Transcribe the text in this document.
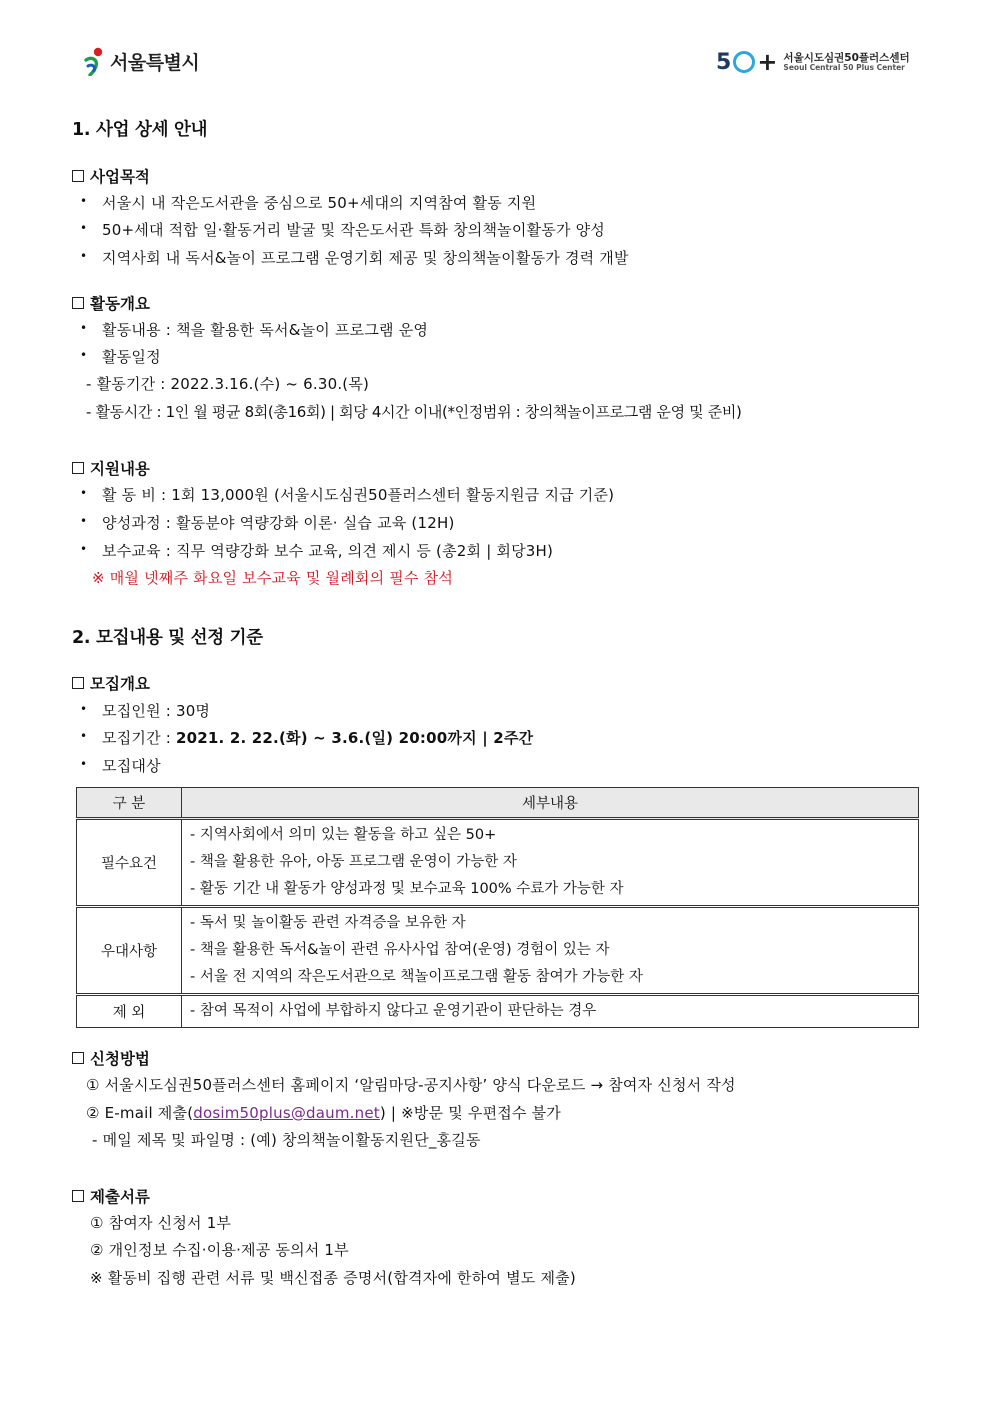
서울특별시	5 + 서울시도심권50플러스센터
Seoul Central 50 Plus Center
1. 사업 상세 안내
사업목적
• 서울시 내 작은도서관을 중심으로 50+세대의 지역참여 활동 지원
• 50+세대 적합 일·활동거리 발굴 및 작은도서관 특화 창의책놀이활동가 양성
• 지역사회 내 독서&놀이 프로그램 운영기회 제공 및 창의책놀이활동가 경력 개발
활동개요
• 활동내용 : 책을 활용한 독서&놀이 프로그램 운영
• 활동일정
- 활동기간 : 2022.3.16.(수) ~ 6.30.(목)
- 활동시간 : 1인 월 평균 8회(총16회) | 회당 4시간 이내(*인정범위 : 창의책놀이프로그램 운영 및 준비)
지원내용
• 활 동 비 : 1회 13,000원 (서울시도심권50플러스센터 활동지원금 지급 기준)
• 양성과정 : 활동분야 역량강화 이론· 실습 교육 (12H)
• 보수교육 : 직무 역량강화 보수 교육, 의견 제시 등 (총2회 | 회당3H)
※ 매월 넷째주 화요일 보수교육 및 월례회의 필수 참석
2. 모집내용 및 선정 기준
모집개요
• 모집인원 : 30명
• 모집기간 : 2021. 2. 22.(화) ~ 3.6.(일) 20:00까지 | 2주간
• 모집대상
구 분	세부내용
필수요건	- 지역사회에서 의미 있는 활동을 하고 싶은 50+
- 책을 활용한 유아, 아동 프로그램 운영이 가능한 자
- 활동 기간 내 활동가 양성과정 및 보수교육 100% 수료가 가능한 자

우대사항	- 독서 및 놀이활동 관련 자격증을 보유한 자
- 책을 활용한 독서&놀이 관련 유사사업 참여(운영) 경험이 있는 자
- 서울 전 지역의 작은도서관으로 책놀이프로그램 활동 참여가 가능한 자

제 외	- 참여 목적이 사업에 부합하지 않다고 운영기관이 판단하는 경우
신청방법
① 서울시도심권50플러스센터 홈페이지 ‘알림마당-공지사항’ 양식 다운로드 → 참여자 신청서 작성
② E-mail 제출(dosim50plus@daum.net) | ※방문 및 우편접수 불가
- 메일 제목 및 파일명 : (예) 창의책놀이활동지원단_홍길동
제출서류
① 참여자 신청서 1부
② 개인정보 수집·이용·제공 동의서 1부
※ 활동비 집행 관련 서류 및 백신접종 증명서(합격자에 한하여 별도 제출)
